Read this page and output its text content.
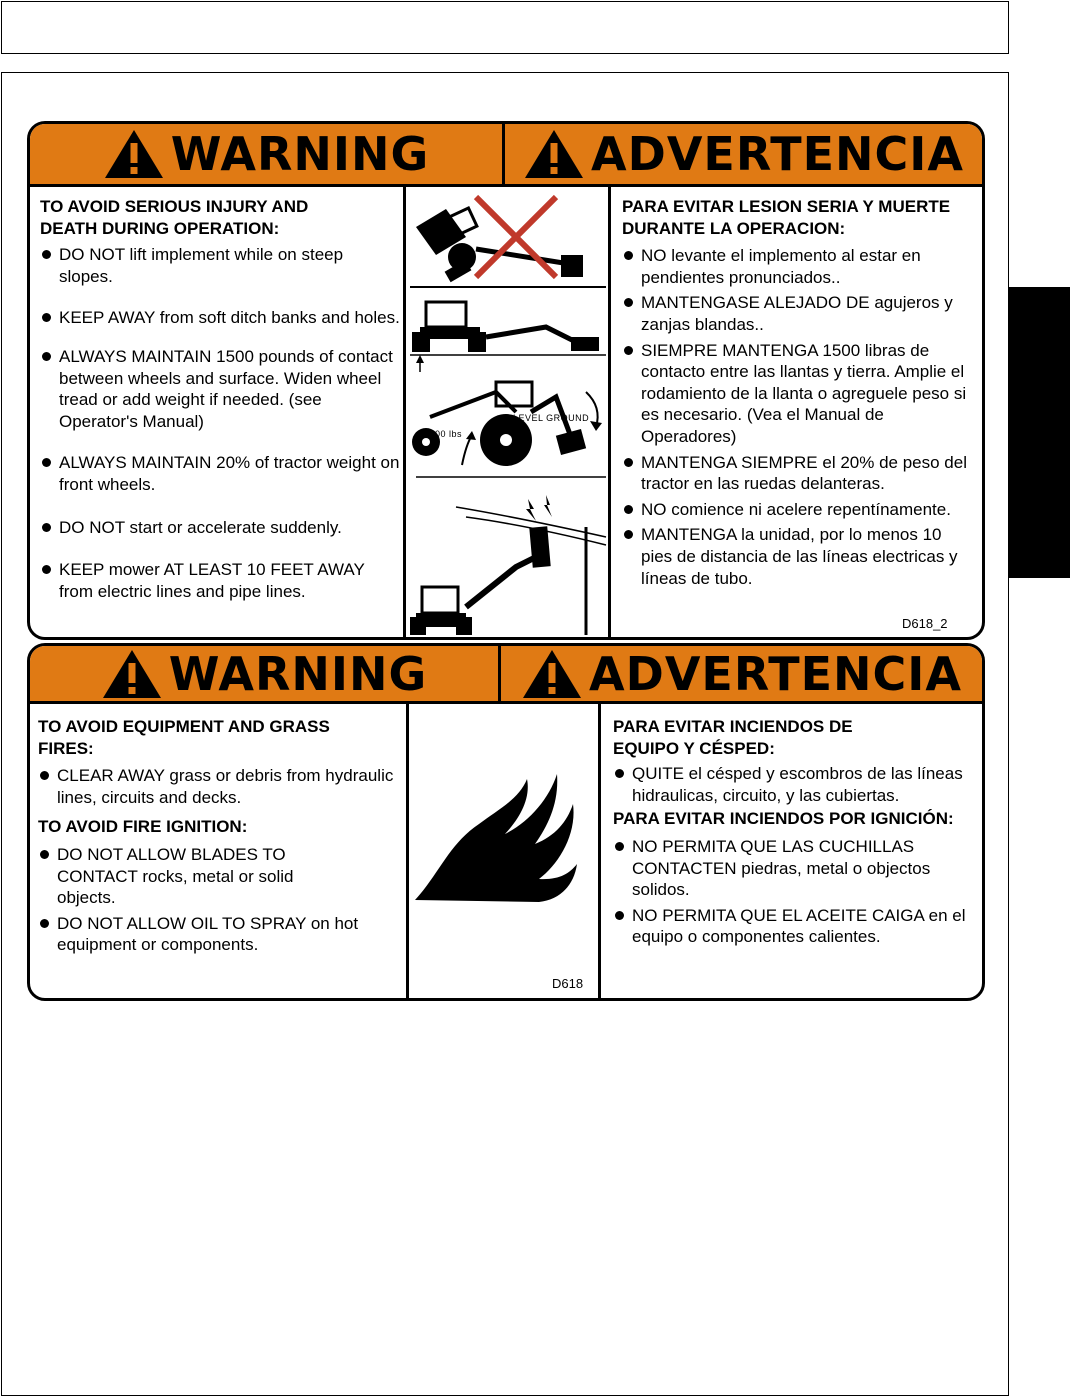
WARNING	ADVERTENCIA
TO AVOID SERIOUS INJURY AND DEATH DURING OPERATION:
DO NOT lift implement while on steep slopes.
KEEP AWAY from soft ditch banks and holes.
ALWAYS MAINTAIN 1500 pounds of contact between wheels and surface. Widen wheel tread or add weight if needed. (see Operator's Manual)
ALWAYS MAINTAIN 20% of tractor weight on front wheels.
DO NOT start or accelerate suddenly.
KEEP mower AT LEAST 10 FEET AWAY from electric lines and pipe lines.
LEVEL GROUND
1500 lbs
PARA EVITAR LESION SERIA Y MUERTE DURANTE LA OPERACION:
NO levante el implemento al estar en pendientes pronunciados..
MANTENGASE ALEJADO DE agujeros y zanjas blandas..
SIEMPRE MANTENGA 1500 libras de contacto entre las llantas y tierra. Amplie el rodamiento de la llanta o agreguele peso si es necesario. (Vea el Manual de Operadores)
MANTENGA SIEMPRE el 20% de peso del tractor en las ruedas delanteras.
NO comience ni acelere repentínamente.
MANTENGA la unidad, por lo menos 10 pies de distancia de las líneas electricas y líneas de tubo.
D618_2
WARNING	ADVERTENCIA
TO AVOID EQUIPMENT AND GRASS FIRES:
CLEAR AWAY grass or debris from hydraulic lines, circuits and decks.
TO AVOID FIRE IGNITION:
DO NOT ALLOW BLADES TO CONTACT rocks, metal or solid objects.
DO NOT ALLOW OIL TO SPRAY on hot equipment or components.
D618
PARA EVITAR INCIENDOS DE EQUIPO Y CÉSPED:
QUITE el césped y escombros de las líneas hidraulicas, circuito, y las cubiertas.
PARA EVITAR INCIENDOS POR IGNICIÓN:
NO PERMITA QUE LAS CUCHILLAS CONTACTEN piedras, metal o objectos solidos.
NO PERMITA QUE EL ACEITE CAIGA en el equipo o componentes calientes.
